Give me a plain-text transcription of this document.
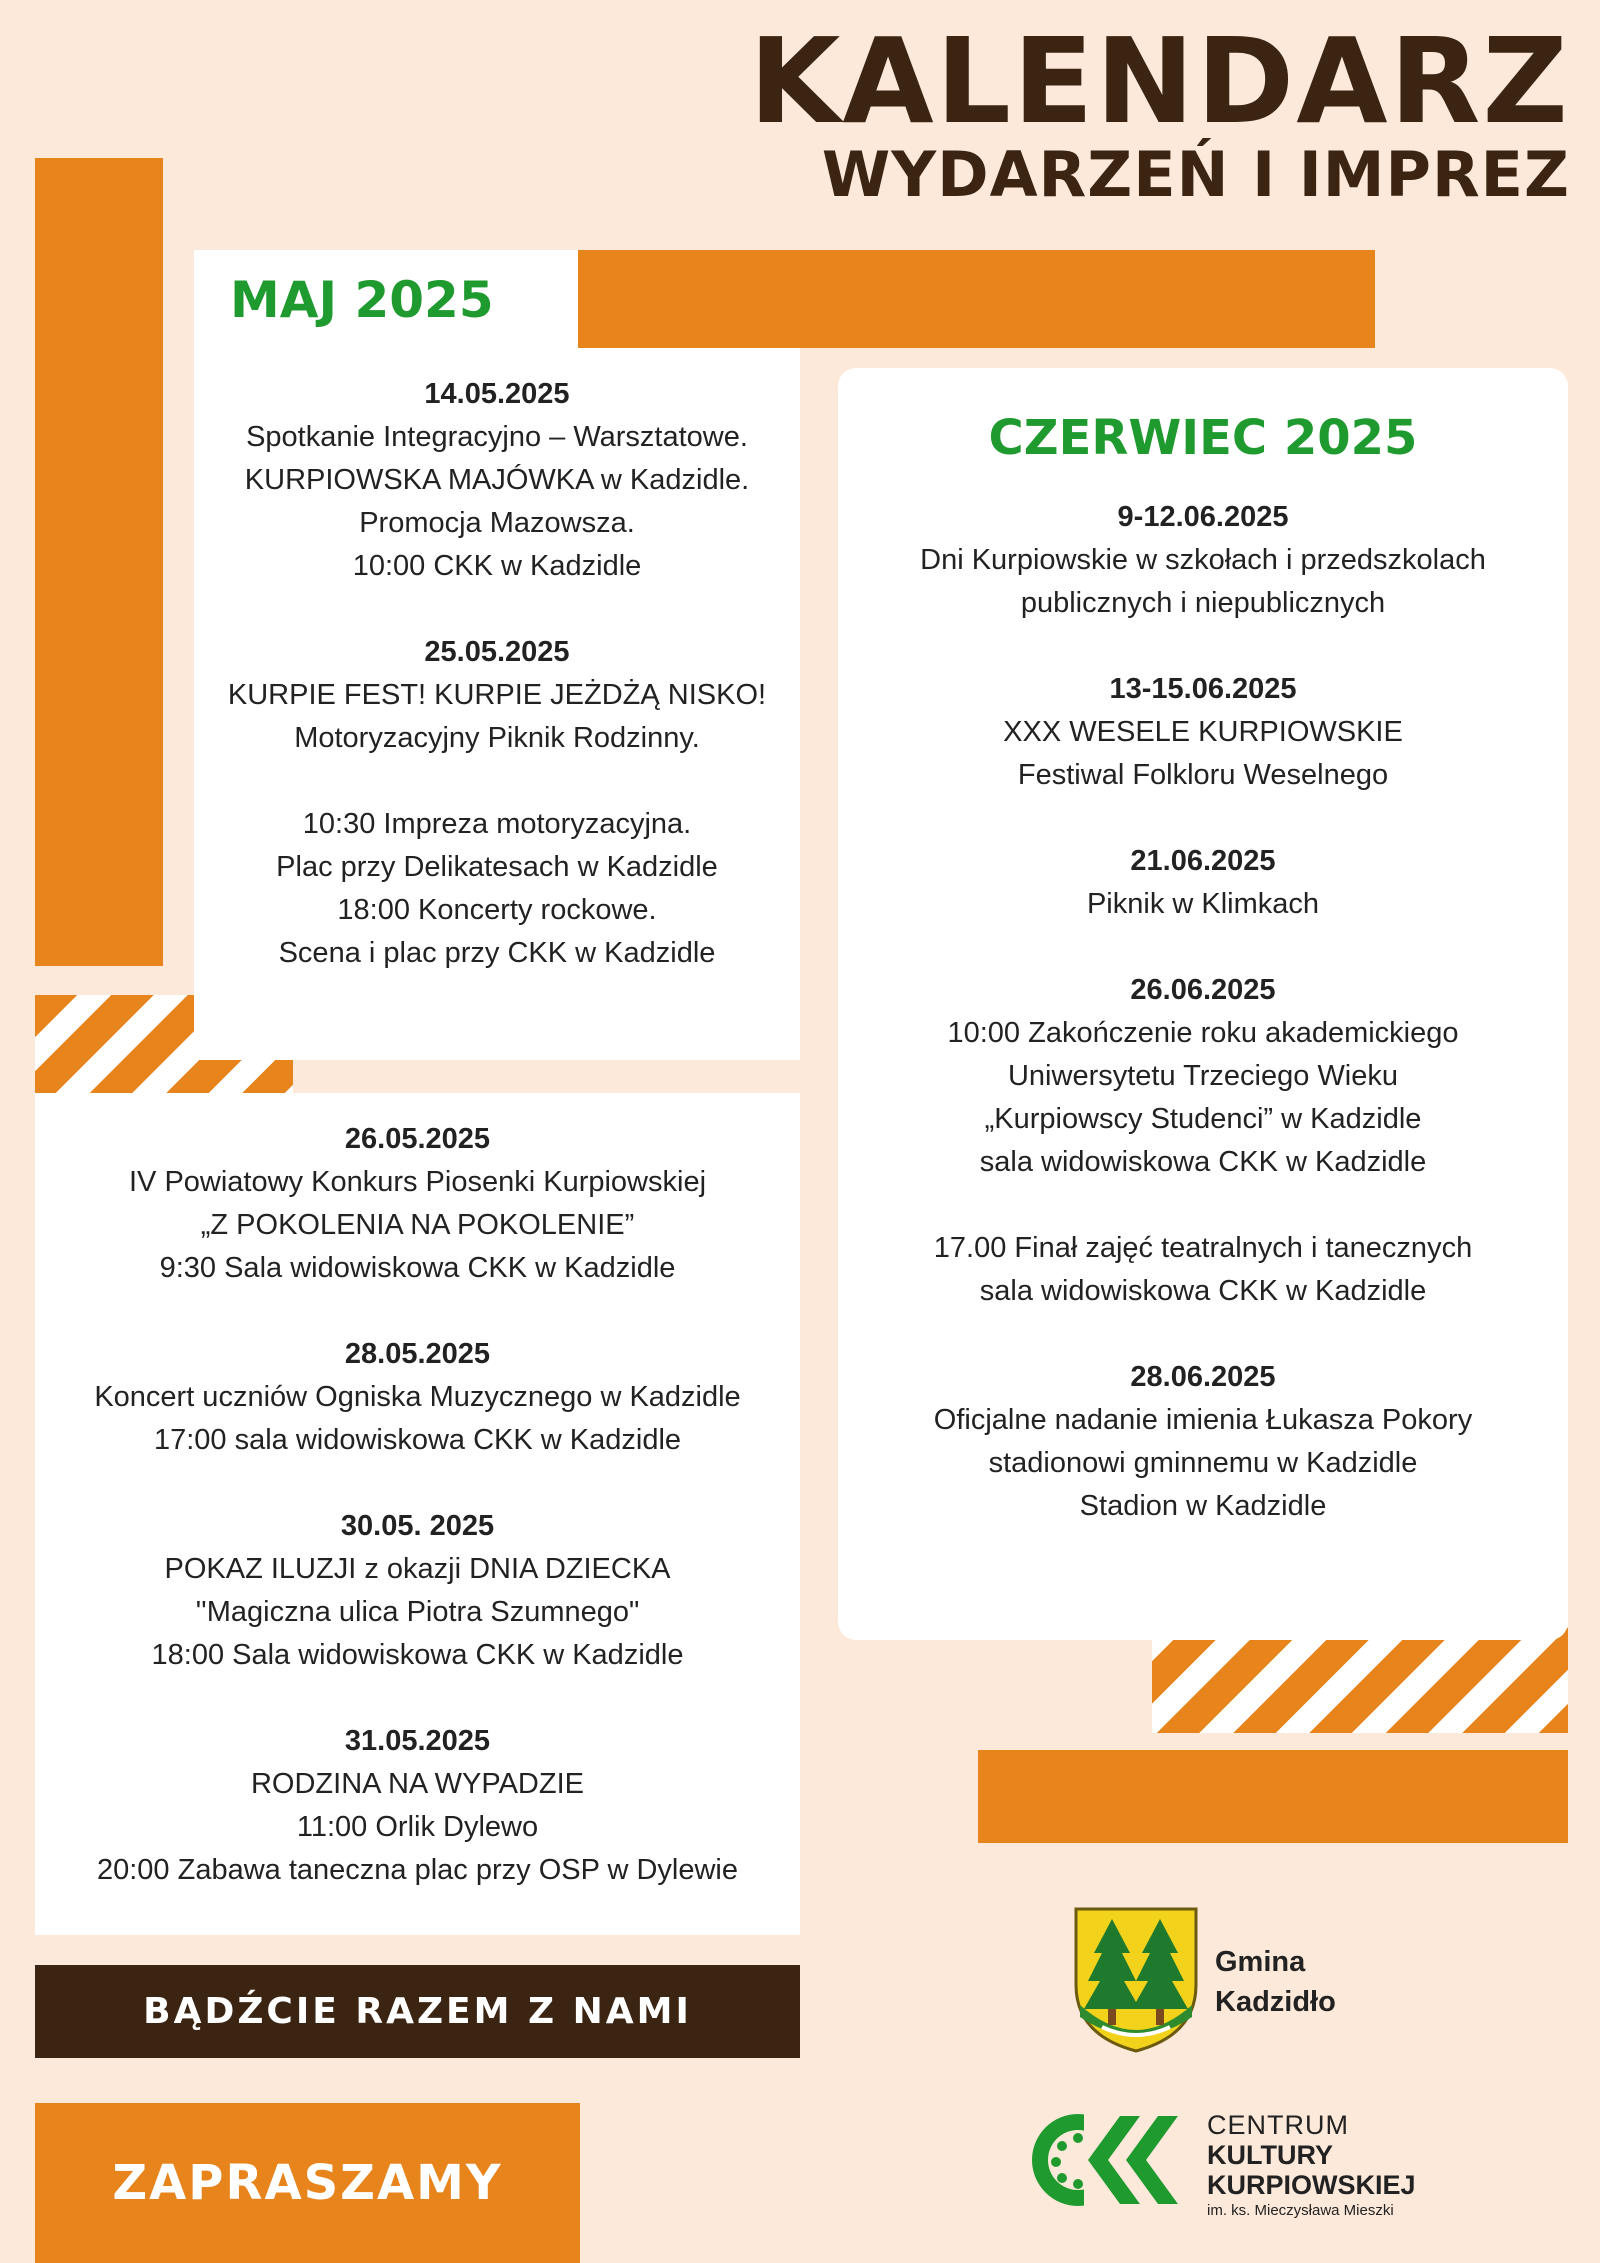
KALENDARZ
WYDARZEŃ I IMPREZ
MAJ 2025
14.05.2025
Spotkanie Integracyjno – Warsztatowe.
KURPIOWSKA MAJÓWKA w Kadzidle.
Promocja Mazowsza.
10:00 CKK w Kadzidle
25.05.2025
KURPIE FEST! KURPIE JEŻDŻĄ NISKO!
Motoryzacyjny Piknik Rodzinny.
10:30 Impreza motoryzacyjna.
Plac przy Delikatesach w Kadzidle
18:00 Koncerty rockowe.
Scena i plac przy CKK w Kadzidle
26.05.2025
IV Powiatowy Konkurs Piosenki Kurpiowskiej
„Z POKOLENIA NA POKOLENIE”
9:30 Sala widowiskowa CKK w Kadzidle
28.05.2025
Koncert uczniów Ogniska Muzycznego w Kadzidle
17:00 sala widowiskowa CKK w Kadzidle
30.05. 2025
POKAZ ILUZJI z okazji DNIA DZIECKA
''Magiczna ulica Piotra Szumnego"
18:00 Sala widowiskowa CKK w Kadzidle
31.05.2025
RODZINA NA WYPADZIE
11:00 Orlik Dylewo
20:00 Zabawa taneczna plac przy OSP w Dylewie
CZERWIEC 2025
9-12.06.2025
Dni Kurpiowskie w szkołach i przedszkolach
publicznych i niepublicznych
13-15.06.2025
XXX WESELE KURPIOWSKIE
Festiwal Folkloru Weselnego
21.06.2025
Piknik w Klimkach
26.06.2025
10:00 Zakończenie roku akademickiego
Uniwersytetu Trzeciego Wieku
„Kurpiowscy Studenci” w Kadzidle
sala widowiskowa CKK w Kadzidle
17.00 Finał zajęć teatralnych i tanecznych
sala widowiskowa CKK w Kadzidle
28.06.2025
Oficjalne nadanie imienia Łukasza Pokory
stadionowi gminnemu w Kadzidle
Stadion w Kadzidle
BĄDŹCIE RAZEM Z NAMI
ZAPRASZAMY
Gmina
Kadzidło
CENTRUM
KULTURY
KURPIOWSKIEJ
im. ks. Mieczysława Mieszki
